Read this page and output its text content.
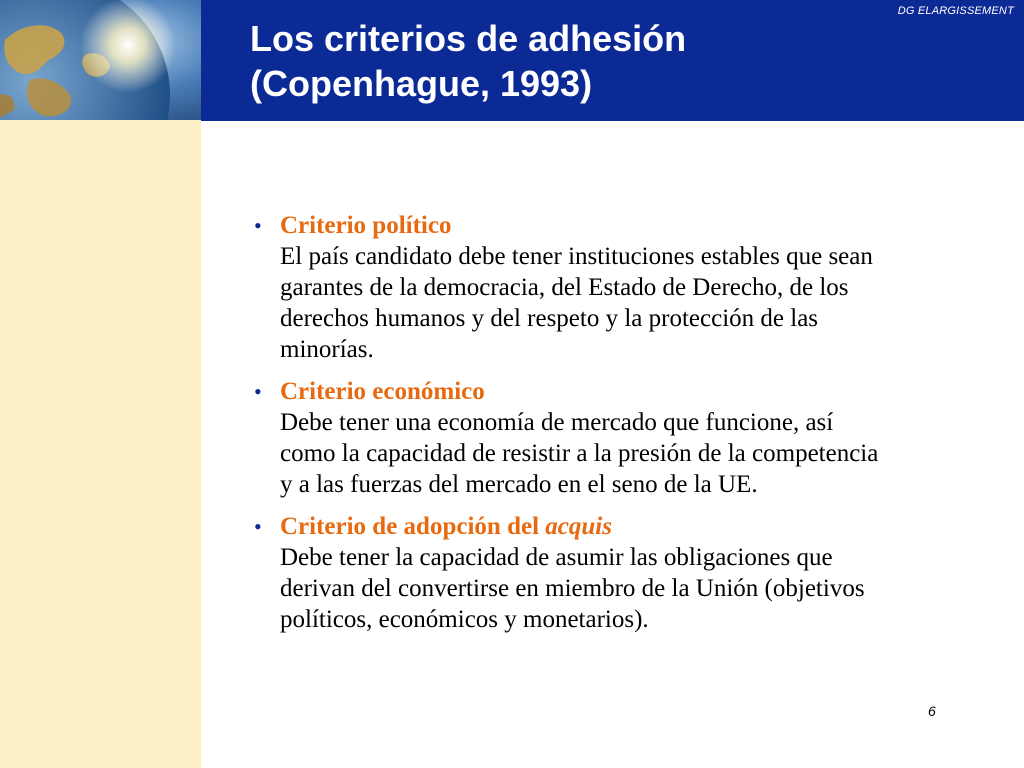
DG ELARGISSEMENT
Los criterios de adhesión
(Copenhague, 1993)
• Criterio político
El país candidato debe tener instituciones estables que sean
garantes de la democracia, del Estado de Derecho, de los
derechos humanos y del respeto y la protección de las
minorías.
• Criterio económico
Debe tener una economía de mercado que funcione, así
como la capacidad de resistir a la presión de la competencia
y a las fuerzas del mercado en el seno de la UE.
• Criterio de adopción del acquis
Debe tener la capacidad de asumir las obligaciones que
derivan del convertirse en miembro de la Unión (objetivos
políticos, económicos y monetarios).
6
